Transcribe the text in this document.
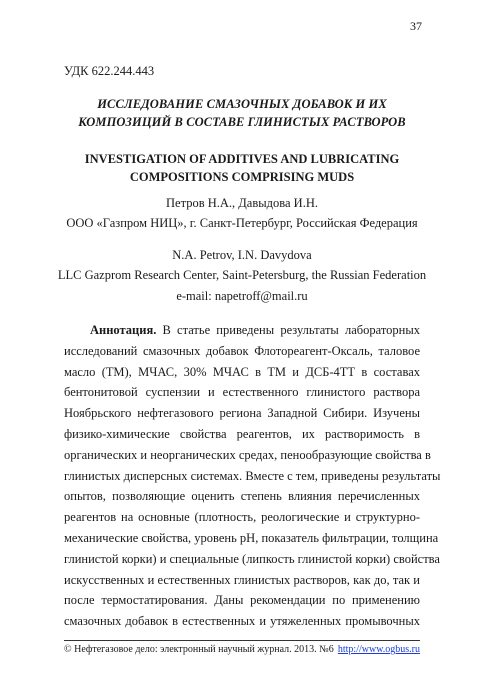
37
УДК 622.244.443
ИССЛЕДОВАНИЕ СМАЗОЧНЫХ ДОБАВОК И ИХ
КОМПОЗИЦИЙ В СОСТАВЕ ГЛИНИСТЫХ РАСТВОРОВ
INVESTIGATION OF ADDITIVES AND LUBRICATING
COMPOSITIONS COMPRISING MUDS
Петров Н.А., Давыдова И.Н.
ООО «Газпром НИЦ», г. Санкт-Петербург, Российская Федерация
N.A. Petrov, I.N. Davydova
LLC Gazprom Research Center, Saint-Petersburg, the Russian Federation
e-mail: napetroff@mail.ru
Аннотация. В статье приведены результаты лабораторных
исследований смазочных добавок Флотореагент-Оксаль, таловое
масло (ТМ), МЧАС, 30% МЧАС в ТМ и ДСБ-4ТТ в составах
бентонитовой суспензии и естественного глинистого раствора
Ноябрьского нефтегазового региона Западной Сибири. Изучены
физико-химические свойства реагентов, их растворимость в
органических и неорганических средах, пенообразующие свойства в
глинистых дисперсных системах. Вместе с тем, приведены результаты
опытов, позволяющие оценить степень влияния перечисленных
реагентов на основные (плотность, реологические и структурно-
механические свойства, уровень pH, показатель фильтрации, толщина
глинистой корки) и специальные (липкость глинистой корки) свойства
искусственных и естественных глинистых растворов, как до, так и
после термостатирования. Даны рекомендации по применению
смазочных добавок в естественных и утяжеленных промывочных
© Нефтегазовое дело: электронный научный журнал. 2013. №6 http://www.ogbus.ru
